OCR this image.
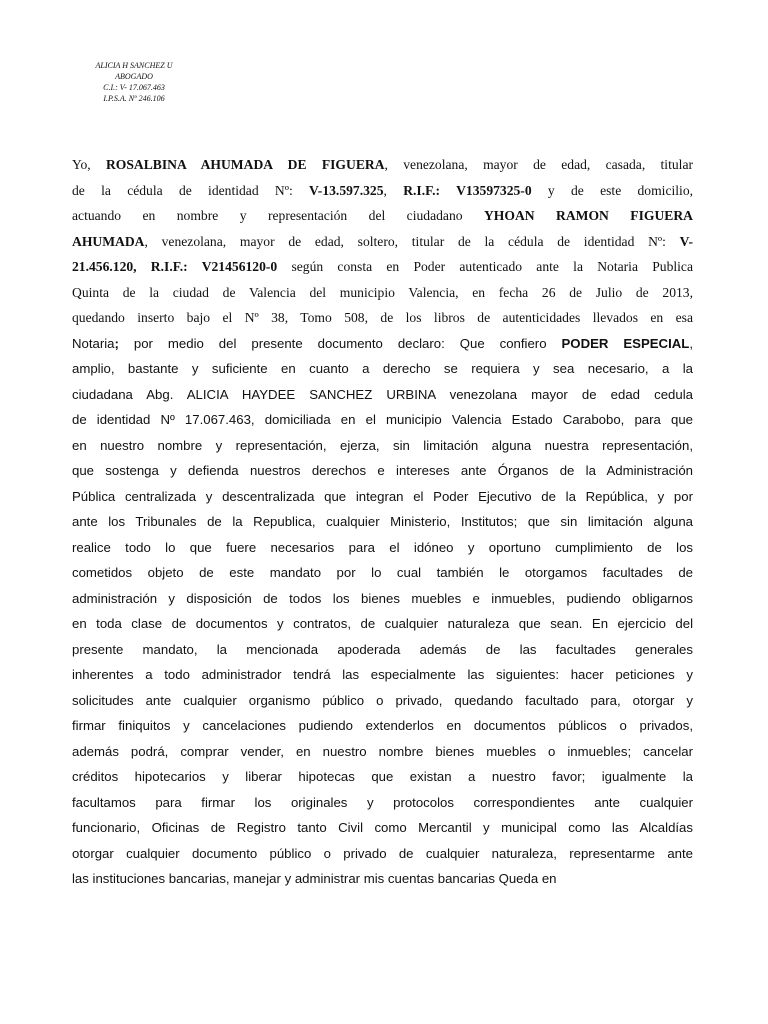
ALICIA H SANCHEZ U
ABOGADO
C.I.: V- 17.067.463
I.P.S.A. Nº 246.106
Yo, ROSALBINA AHUMADA DE FIGUERA, venezolana, mayor de edad, casada, titular
de la cédula de identidad Nº: V-13.597.325, R.I.F.: V13597325-0 y de este domicilio,
actuando en nombre y representación del ciudadano YHOAN RAMON FIGUERA
AHUMADA, venezolana, mayor de edad, soltero, titular de la cédula de identidad Nº: V-
21.456.120, R.I.F.: V21456120-0 según consta en Poder autenticado ante la Notaria Publica
Quinta de la ciudad de Valencia del municipio Valencia, en fecha 26 de Julio de 2013,
quedando inserto bajo el Nº 38, Tomo 508, de los libros de autenticidades llevados en esa
Notaria; por medio del presente documento declaro: Que confiero PODER ESPECIAL,
amplio, bastante y suficiente en cuanto a derecho se requiera y sea necesario, a la
ciudadana Abg. ALICIA HAYDEE SANCHEZ URBINA venezolana mayor de edad cedula
de identidad Nº 17.067.463, domiciliada en el municipio Valencia Estado Carabobo, para que
en nuestro nombre y representación, ejerza, sin limitación alguna nuestra representación,
que sostenga y defienda nuestros derechos e intereses ante Órganos de la Administración
Pública centralizada y descentralizada que integran el Poder Ejecutivo de la República, y por
ante los Tribunales de la Republica, cualquier Ministerio, Institutos; que sin limitación alguna
realice todo lo que fuere necesarios para el idóneo y oportuno cumplimiento de los
cometidos objeto de este mandato por lo cual también le otorgamos facultades de
administración y disposición de todos los bienes muebles e inmuebles, pudiendo obligarnos
en toda clase de documentos y contratos, de cualquier naturaleza que sean. En ejercicio del
presente mandato, la mencionada apoderada además de las facultades generales
inherentes a todo administrador tendrá las especialmente las siguientes: hacer peticiones y
solicitudes ante cualquier organismo público o privado, quedando facultado para, otorgar y
firmar finiquitos y cancelaciones pudiendo extenderlos en documentos públicos o privados,
además podrá, comprar vender, en nuestro nombre bienes muebles o inmuebles; cancelar
créditos hipotecarios y liberar hipotecas que existan a nuestro favor; igualmente la
facultamos para firmar los originales y protocolos correspondientes ante cualquier
funcionario, Oficinas de Registro tanto Civil como Mercantil y municipal como las Alcaldías
otorgar cualquier documento público o privado de cualquier naturaleza, representarme ante
las instituciones bancarias, manejar y administrar mis cuentas bancarias Queda en
